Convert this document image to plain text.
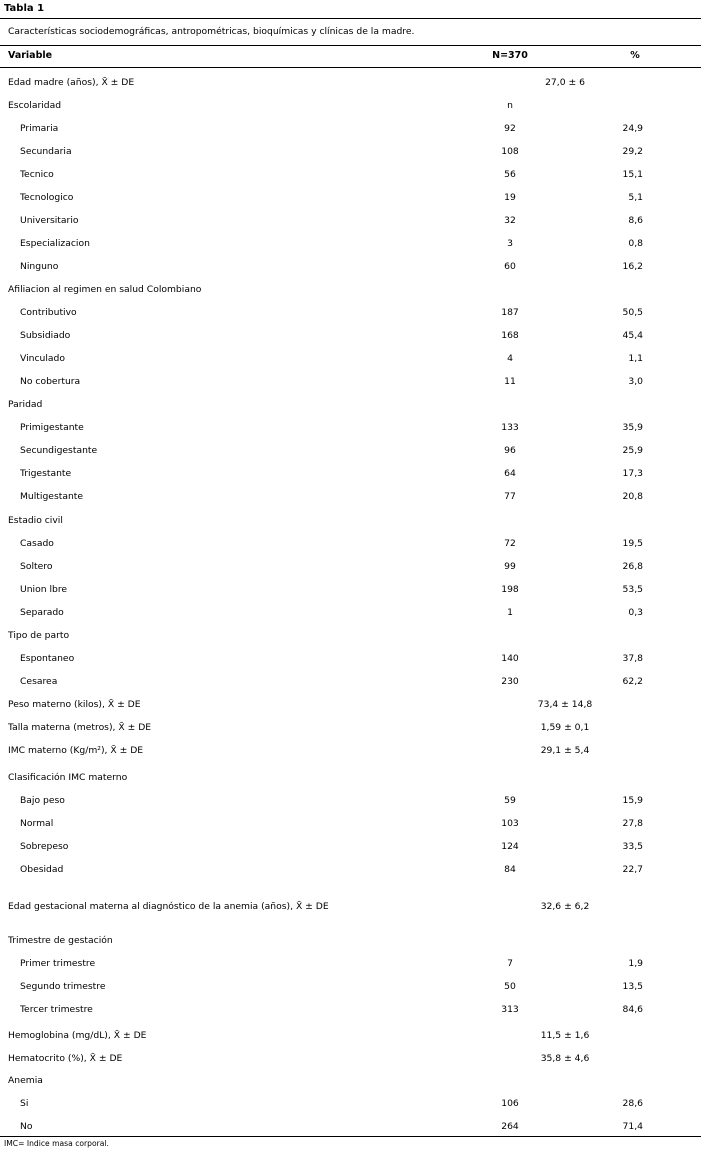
Tabla 1
Características sociodemográficas, antropométricas, bioquímicas y clínicas de la madre.
Variable	N=370	%
Edad madre (años), X̄ ± DE	27,0 ± 6
Escolaridad	n
Primaria	92	24,9
Secundaria	108	29,2
Tecnico	56	15,1
Tecnologico	19	5,1
Universitario	32	8,6
Especializacion	3	0,8
Ninguno	60	16,2
Afiliacion al regimen en salud Colombiano
Contributivo	187	50,5
Subsidiado	168	45,4
Vinculado	4	1,1
No cobertura	11	3,0
Paridad
Primigestante	133	35,9
Secundigestante	96	25,9
Trigestante	64	17,3
Multigestante	77	20,8
Estadio civil
Casado	72	19,5
Soltero	99	26,8
Union lbre	198	53,5
Separado	1	0,3
Tipo de parto
Espontaneo	140	37,8
Cesarea	230	62,2
Peso materno (kilos), X̄ ± DE	73,4 ± 14,8
Talla materna (metros), X̄ ± DE	1,59 ± 0,1
IMC materno (Kg/m²), X̄ ± DE	29,1 ± 5,4
Clasificación IMC materno
Bajo peso	59	15,9
Normal	103	27,8
Sobrepeso	124	33,5
Obesidad	84	22,7
Edad gestacional materna al diagnóstico de la anemia (años), X̄ ± DE	32,6 ± 6,2
Trimestre de gestación
Primer trimestre	7	1,9
Segundo trimestre	50	13,5
Tercer trimestre	313	84,6
Hemoglobina (mg/dL), X̄ ± DE	11,5 ± 1,6
Hematocrito (%), X̄ ± DE	35,8 ± 4,6
Anemia
Si	106	28,6
No	264	71,4
IMC= Indice masa corporal.
